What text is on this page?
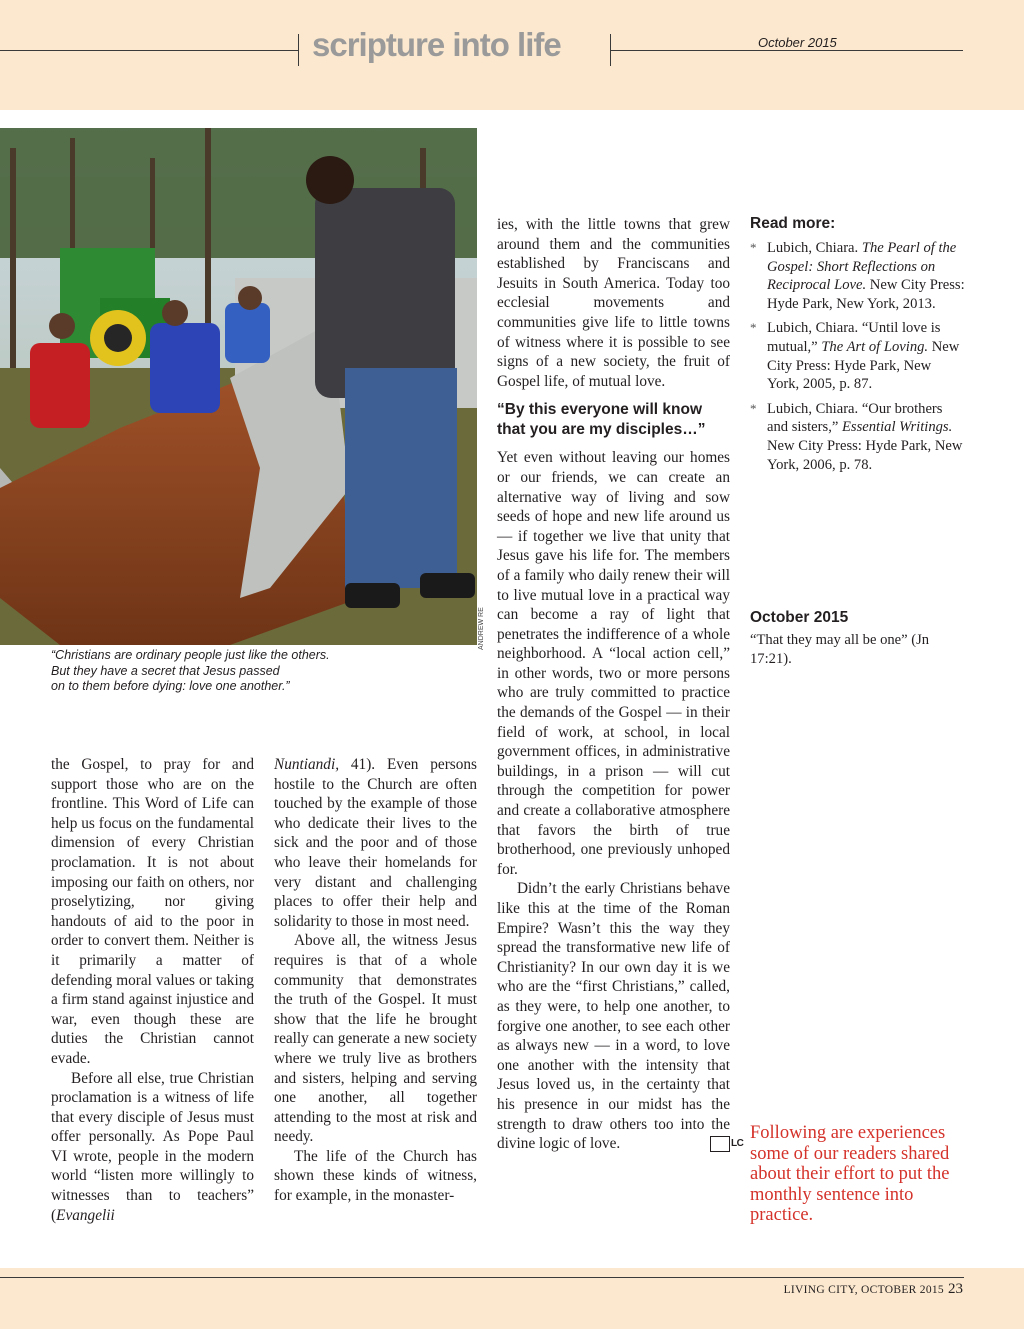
scripture into life	October 2015
ANDREW RE

“Christians are ordinary people just like the others.

But they have a secret that Jesus passed

on to them before dying: love one another.”

the Gospel, to pray for and support those who are on the frontline. This Word of Life can help us focus on the fundamental dimension of every Christian proclamation. It is not about imposing our faith on others, nor proselytizing, nor giving handouts of aid to the poor in order to convert them. Neither is it primarily a matter of defending moral values or taking a firm stand against injustice and war, even though these are duties the Christian cannot evade.

Before all else, true Christian proclamation is a witness of life that every disciple of Jesus must offer personally. As Pope Paul VI wrote, people in the modern world “listen more willingly to witnesses than to teachers” (Evangelii

Nuntiandi, 41). Even persons hostile to the Church are often touched by the example of those who dedicate their lives to the sick and the poor and of those who leave their homelands for very distant and challenging places to offer their help and solidarity to those in most need.

Above all, the witness Jesus requires is that of a whole community that demonstrates the truth of the Gospel. It must show that the life he brought really can generate a new society where we truly live as brothers and sisters, helping and serving one another, all together attending to the most at risk and needy.

The life of the Church has shown these kinds of witness, for example, in the monaster-

ies, with the little towns that grew around them and the communities established by Franciscans and Jesuits in South America. Today too ecclesial movements and communities give life to little towns of witness where it is possible to see signs of a new society, the fruit of Gospel life, of mutual love.

“By this everyone will know that you are my disciples…”

Yet even without leaving our homes or our friends, we can create an alternative way of living and sow seeds of hope and new life around us — if together we live that unity that Jesus gave his life for. The members of a family who daily renew their will to live mutual love in a practical way can become a ray of light that penetrates the indifference of a whole neighborhood. A “local action cell,” in other words, two or more persons who are truly committed to practice the demands of the Gospel — in their field of work, at school, in local government offices, in administrative buildings, in a prison — will cut through the competition for power and create a collaborative atmosphere that favors the birth of true brotherhood, one previously unhoped for.

Didn’t the early Christians behave like this at the time of the Roman Empire? Wasn’t this the way they spread the transformative new life of Christianity? In our own day it is we who are the “first Christians,” called, as they were, to help one another, to forgive one another, to see each other as always new — in a word, to love one another with the intensity that Jesus loved us, in the certainty that his presence in our midst has the strength to draw others too into the divine logic of love.	LC

Read more:
* Lubich, Chiara. The Pearl of the Gospel: Short Reflections on Reciprocal Love. New City Press: Hyde Park, New York, 2013.
* Lubich, Chiara. “Until love is mutual,” The Art of Loving. New City Press: Hyde Park, New York, 2005, p. 87.
* Lubich, Chiara. “Our brothers and sisters,” Essential Writings. New City Press: Hyde Park, New York, 2006, p. 78.
October 2015

“That they may all be one” (Jn 17:21).

Following are experiences some of our readers shared about their effort to put the monthly sentence into practice.
LIVING CITY, OCTOBER 2015 23
